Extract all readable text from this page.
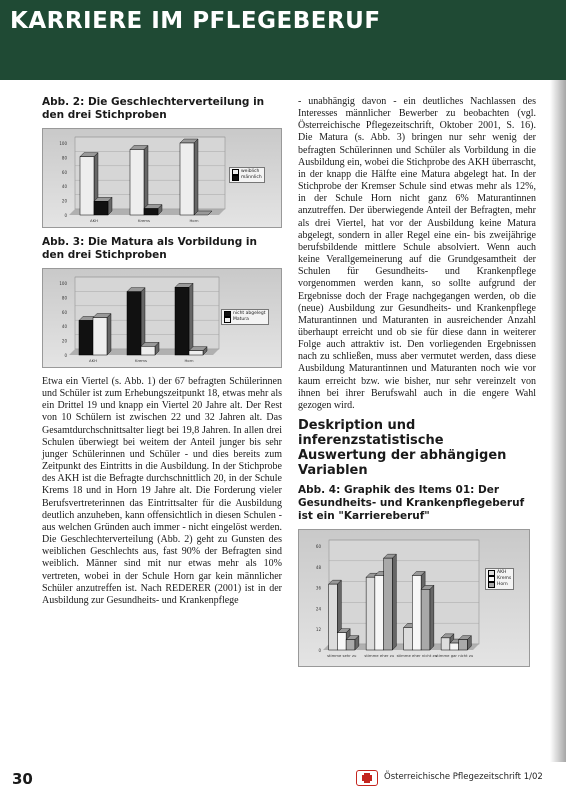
KARRIERE IM PFLEGEBERUF

Abb. 2: Die Geschlechterverteilung in den drei Stichproben

0
20
40
60
80
100
AKH	Krems	Horn
weiblich
männlich

Abb. 3: Die Matura als Vorbildung in den drei Stichproben

0
20
40
60
80
100
AKH	Krems	Horn
nicht abgelegt
Matura

Etwa ein Viertel (s. Abb. 1) der 67 befragten Schülerinnen und Schüler ist zum Erhebungszeitpunkt 18, etwas mehr als ein Drittel 19 und knapp ein Viertel 20 Jahre alt. Der Rest von 10 Schülern ist zwischen 22 und 32 Jahren alt. Das Gesamtdurchschnittsalter liegt bei 19,8 Jahren. In allen drei Schulen überwiegt bei weitem der Anteil junger bis sehr junger Schülerinnen und Schüler - und dies bereits zum Zeitpunkt des Eintritts in die Ausbildung. In der Stichprobe des AKH ist die Befragte durchschnittlich 20, in der Schule Krems 18 und in Horn 19 Jahre alt. Die Forderung vieler Berufsvertreterinnen das Eintrittsalter für die Ausbildung deutlich anzuheben, kann offensichtlich in diesen Schulen - aus welchen Gründen auch immer - nicht eingelöst werden. Die Geschlechterverteilung (Abb. 2) geht zu Gunsten des weiblichen Geschlechts aus, fast 90% der Befragten sind weiblich. Männer sind mit nur etwas mehr als 10% vertreten, wobei in der Schule Horn gar kein männlicher Schüler anzutreffen ist. Nach REDERER (2001) ist in der Ausbildung zur Gesundheits- und Krankenpflege

- unabhängig davon - ein deutliches Nachlassen des Interesses männlicher Bewerber zu beobachten (vgl. Österreichische Pflegezeitschrift, Oktober 2001, S. 16). Die Matura (s. Abb. 3) bringen nur sehr wenig der befragten Schülerinnen und Schüler als Vorbildung in die Ausbildung ein, wobei die Stichprobe des AKH überrascht, in der knapp die Hälfte eine Matura abgelegt hat. In der Stichprobe der Kremser Schule sind etwas mehr als 12%, in der Schule Horn nicht ganz 6% Maturantinnen anzutreffen. Der überwiegende Anteil der Befragten, mehr als drei Viertel, hat vor der Ausbildung keine Matura abgelegt, sondern in aller Regel eine ein- bis zweijährige berufsbildende mittlere Schule absolviert. Wenn auch keine Verallgemeinerung auf die Grundgesamtheit der Schulen für Gesundheits- und Krankenpflege vorgenommen werden kann, so sollte aufgrund der Ergebnisse doch der Frage nachgegangen werden, ob die (neue) Ausbildung zur Gesundheits- und Krankenpflege Maturantinnen und Maturanten in ausreichender Anzahl überhaupt erreicht und ob sie für diese dann in weiterer Folge auch attraktiv ist. Den vorliegenden Ergebnissen nach zu schließen, muss aber vermutet werden, dass diese Ausbildung Maturantinnen und Maturanten noch wie vor kaum erreicht bzw. wie bisher, nur sehr vereinzelt von ihnen bei ihrer Berufswahl auch in die engere Wahl gezogen wird.

Deskription und inferenzstatistische Auswertung der abhängigen Variablen

Abb. 4: Graphik des Items 01: Der Gesundheits- und Krankenpflegeberuf ist ein "Karriereberuf"

0
12
24
36
48
60
stimme sehr zu stimme eher zu stimme eher nicht zu
stimme gar nicht zu
AKH
Krems
Horn
30	Österreichische Pflegezeitschrift 1/02
